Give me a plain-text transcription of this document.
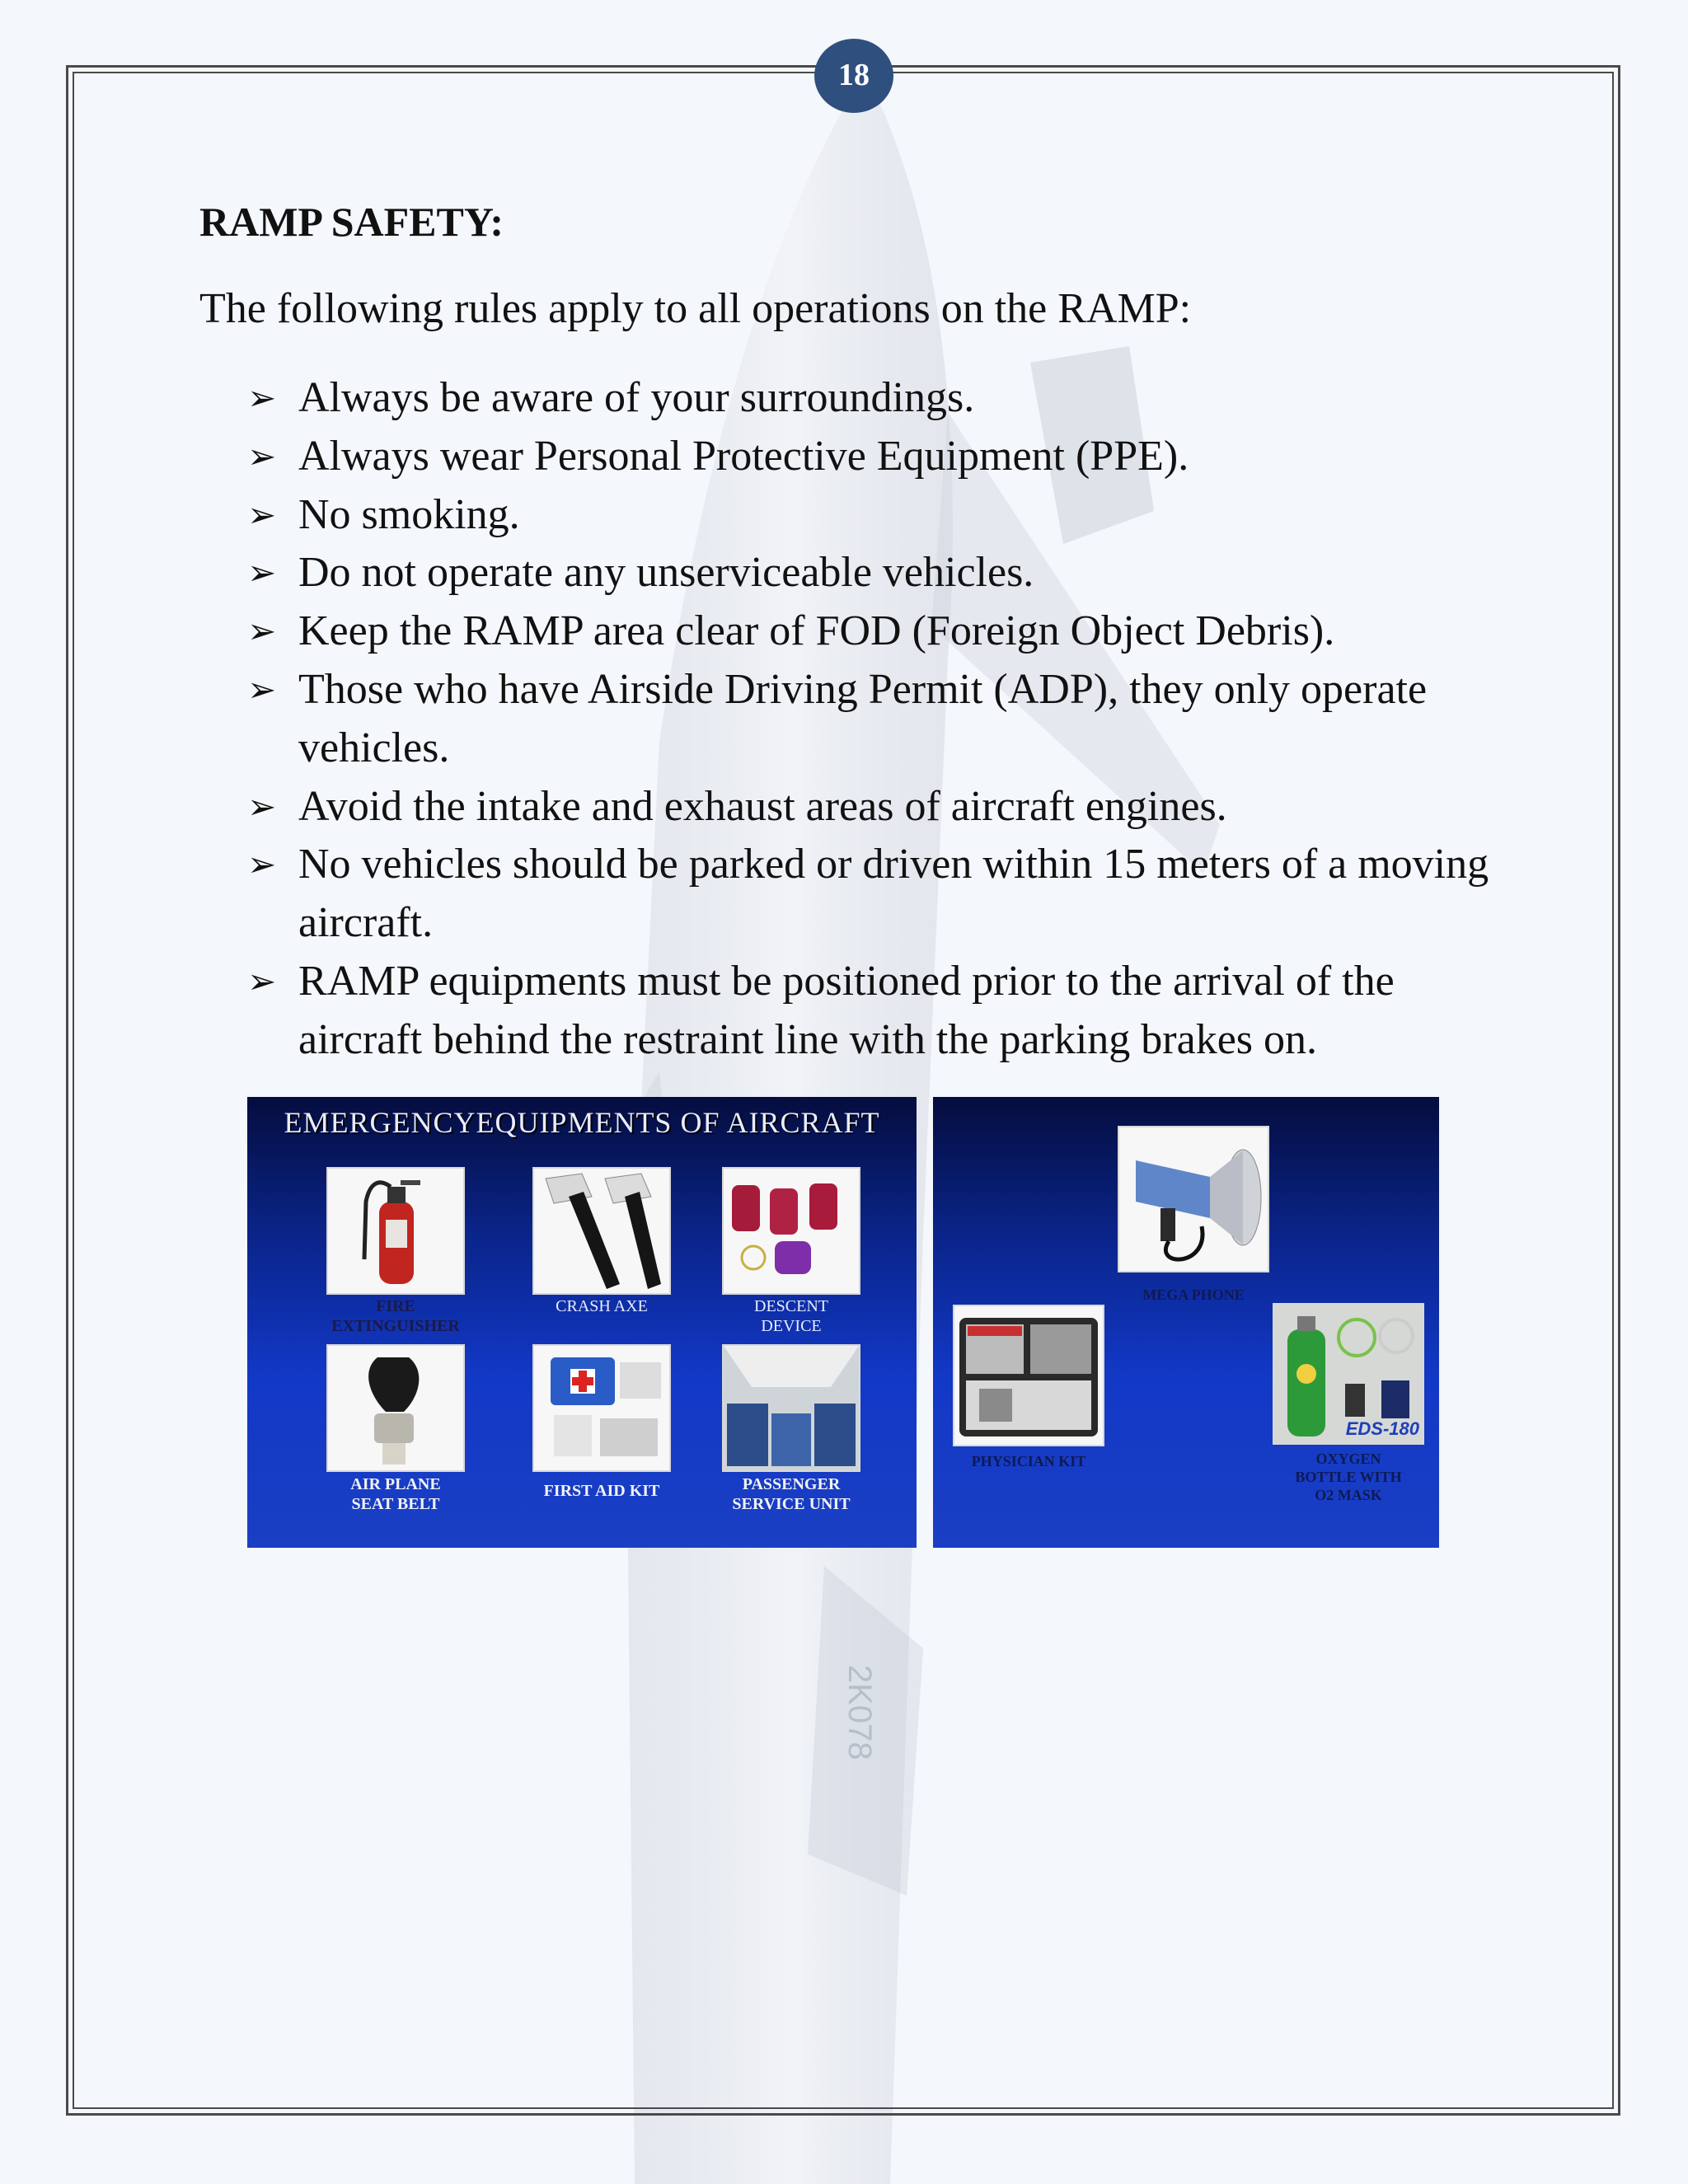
2K078
18
RAMP SAFETY:

The following rules apply to all operations on the RAMP:

➢ Always be aware of your surroundings.
➢ Always wear Personal Protective Equipment (PPE).
➢ No smoking.
➢ Do not operate any unserviceable vehicles.
➢ Keep the RAMP area clear of FOD (Foreign Object Debris).
➢ Those who have Airside Driving Permit (ADP), they only operate vehicles.
➢ Avoid the intake and exhaust areas of aircraft engines.
➢ No vehicles should be parked or driven within 15 meters of a moving aircraft.
➢ RAMP equipments must be positioned prior to the arrival of the aircraft behind the restraint line with the parking brakes on.
EMERGENCYEQUIPMENTS OF AIRCRAFT
FIRE
EXTINGUISHER
CRASH AXE	DESCENT
DEVICE
AIR PLANE
SEAT BELT
FIRST AID KIT	PASSENGER
SERVICE UNIT
MEGA PHONE
PHYSICIAN KIT
EDS-180
OXYGEN
BOTTLE WITH
O2 MASK
